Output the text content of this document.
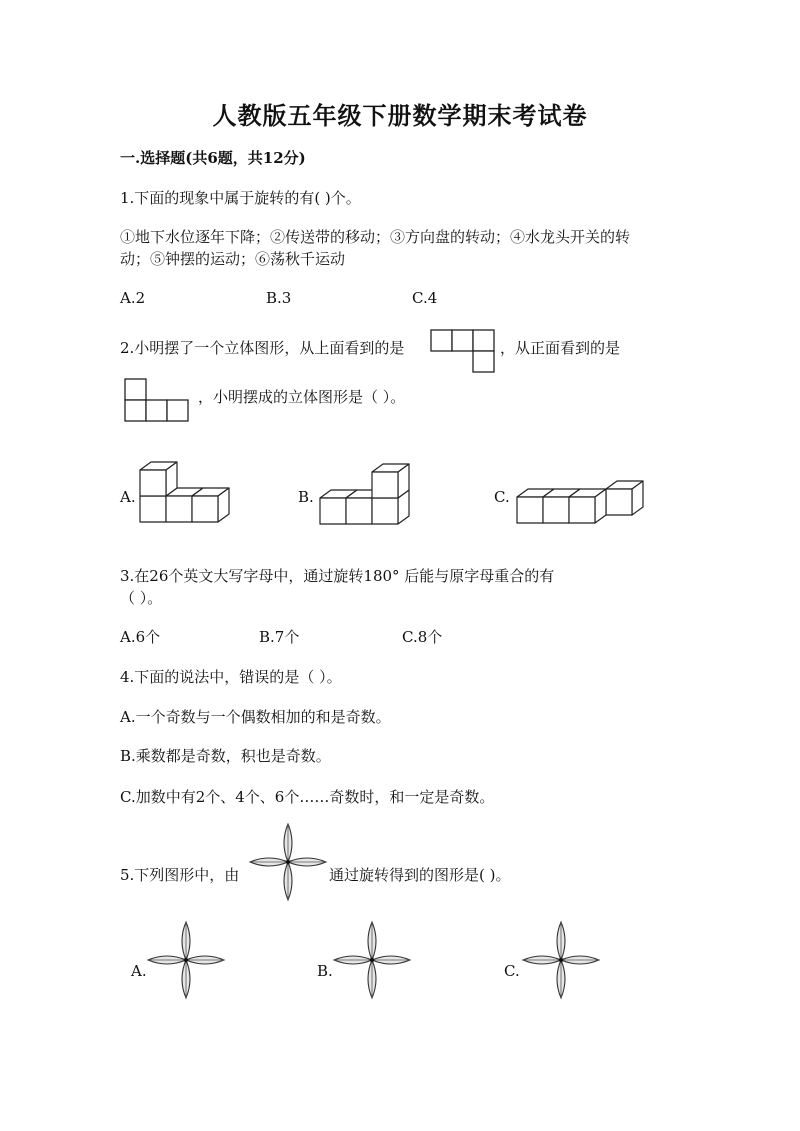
人教版五年级下册数学期末考试卷
一.选择题(共6题，共12分)
1.下面的现象中属于旋转的有( )个。
①地下水位逐年下降；②传送带的移动；③方向盘的转动；④水龙头开关的转
动；⑤钟摆的运动；⑥荡秋千运动
A.2	B.3	C.4
2.小明摆了一个立体图形，从上面看到的是	，从正面看到的是
，小明摆成的立体图形是（ ）。
A.	B.	C.
3.在26个英文大写字母中，通过旋转180° 后能与原字母重合的有
（ ）。
A.6个	B.7个	C.8个
4.下面的说法中，错误的是（ ）。
A.一个奇数与一个偶数相加的和是奇数。
B.乘数都是奇数，积也是奇数。
C.加数中有2个、4个、6个……奇数时，和一定是奇数。
5.下列图形中，由	通过旋转得到的图形是( )。
A.	B.	C.
